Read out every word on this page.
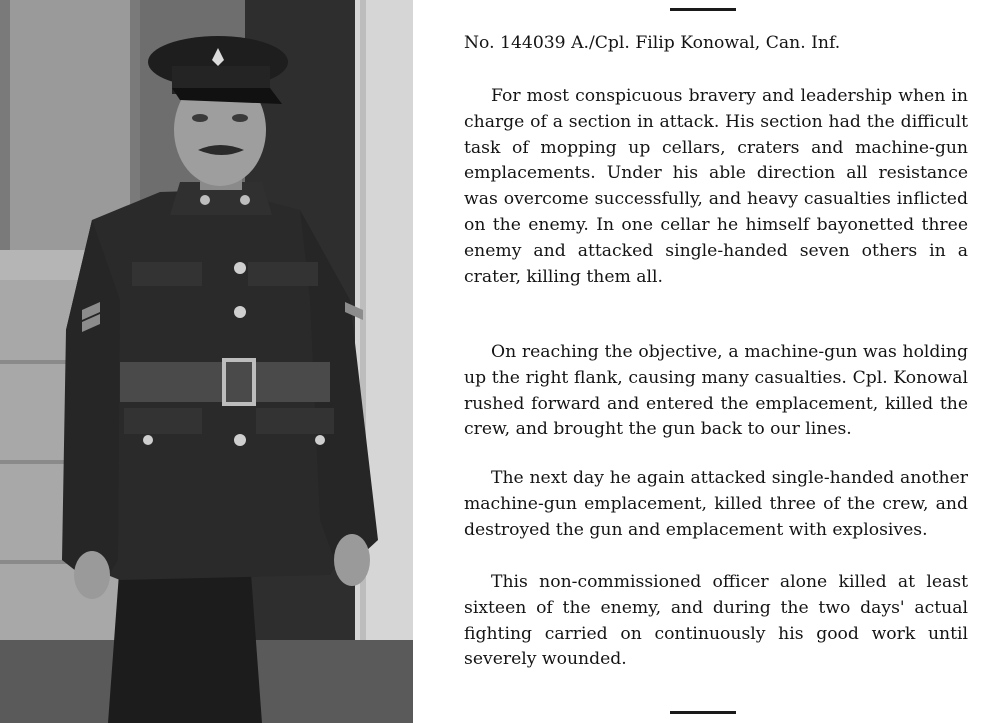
No. 144039 A./Cpl. Filip Konowal, Can. Inf.

For most conspicuous bravery and leadership when in charge of a section in attack. His section had the difficult task of mopping up cellars, craters and machine-gun emplacements. Under his able direction all resistance was overcome successfully, and heavy casualties inflicted on the enemy. In one cellar he himself bayonetted three enemy and attacked single-handed seven others in a crater, killing them all.

On reaching the objective, a machine-gun was holding up the right flank, causing many casualties. Cpl. Konowal rushed forward and entered the emplacement, killed the crew, and brought the gun back to our lines.

The next day he again attacked single-handed another machine-gun emplacement, killed three of the crew, and destroyed the gun and emplacement with explosives.

This non-commissioned officer alone killed at least sixteen of the enemy, and during the two days' actual fighting carried on continuously his good work until severely wounded.
